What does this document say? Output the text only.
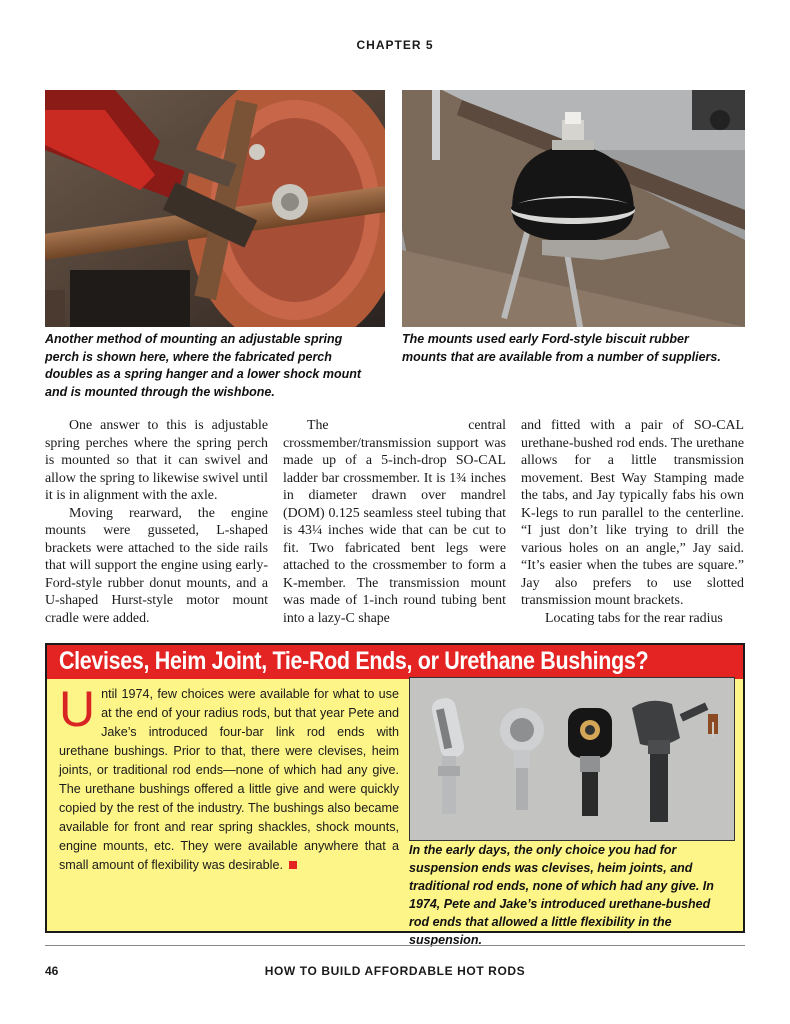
CHAPTER 5
Another method of mounting an adjustable spring perch is shown here, where the fabricated perch doubles as a spring hanger and a lower shock mount and is mounted through the wishbone.
The mounts used early Ford-style biscuit rubber mounts that are available from a number of suppliers.

One answer to this is adjustable spring perches where the spring perch is mounted so that it can swivel and allow the spring to likewise swivel until it is in alignment with the axle.

Moving rearward, the engine mounts were gusseted, L-shaped brackets were attached to the side rails that will support the engine using early-Ford-style rubber donut mounts, and a U-shaped Hurst-style motor mount cradle were added.

The central crossmember/transmission support was made up of a 5-inch-drop SO-CAL ladder bar crossmember. It is 1¾ inches in diameter drawn over mandrel (DOM) 0.125 seamless steel tubing that is 43¼ inches wide that can be cut to fit. Two fabricated bent legs were attached to the crossmember to form a K-member. The transmission mount was made of 1-inch round tubing bent into a lazy-C shape

and fitted with a pair of SO-CAL urethane-bushed rod ends. The urethane allows for a little transmission movement. Best Way Stamping made the tabs, and Jay typically fabs his own K-legs to run parallel to the centerline. “I just don’t like trying to drill the various holes on an angle,” Jay said. “It’s easier when the tubes are square.” Jay also prefers to use slotted transmission mount brackets.

Locating tabs for the rear radius

Clevises, Heim Joint, Tie-Rod Ends, or Urethane Bushings?
Until 1974, few choices were available for what to use at the end of your radius rods, but that year Pete and Jake’s introduced four-bar link rod ends with urethane bushings. Prior to that, there were clevises, heim joints, or traditional rod ends—none of which had any give. The urethane bushings offered a little give and were quickly copied by the rest of the industry. The bushings also became available for front and rear spring shackles, shock mounts, engine mounts, etc. They were available anywhere that a small amount of flexibility was desirable.
In the early days, the only choice you had for suspension ends was clevises, heim joints, and traditional rod ends, none of which had any give. In 1974, Pete and Jake’s introduced urethane-bushed rod ends that allowed a little flexibility in the suspension.
46	HOW TO BUILD AFFORDABLE HOT RODS
